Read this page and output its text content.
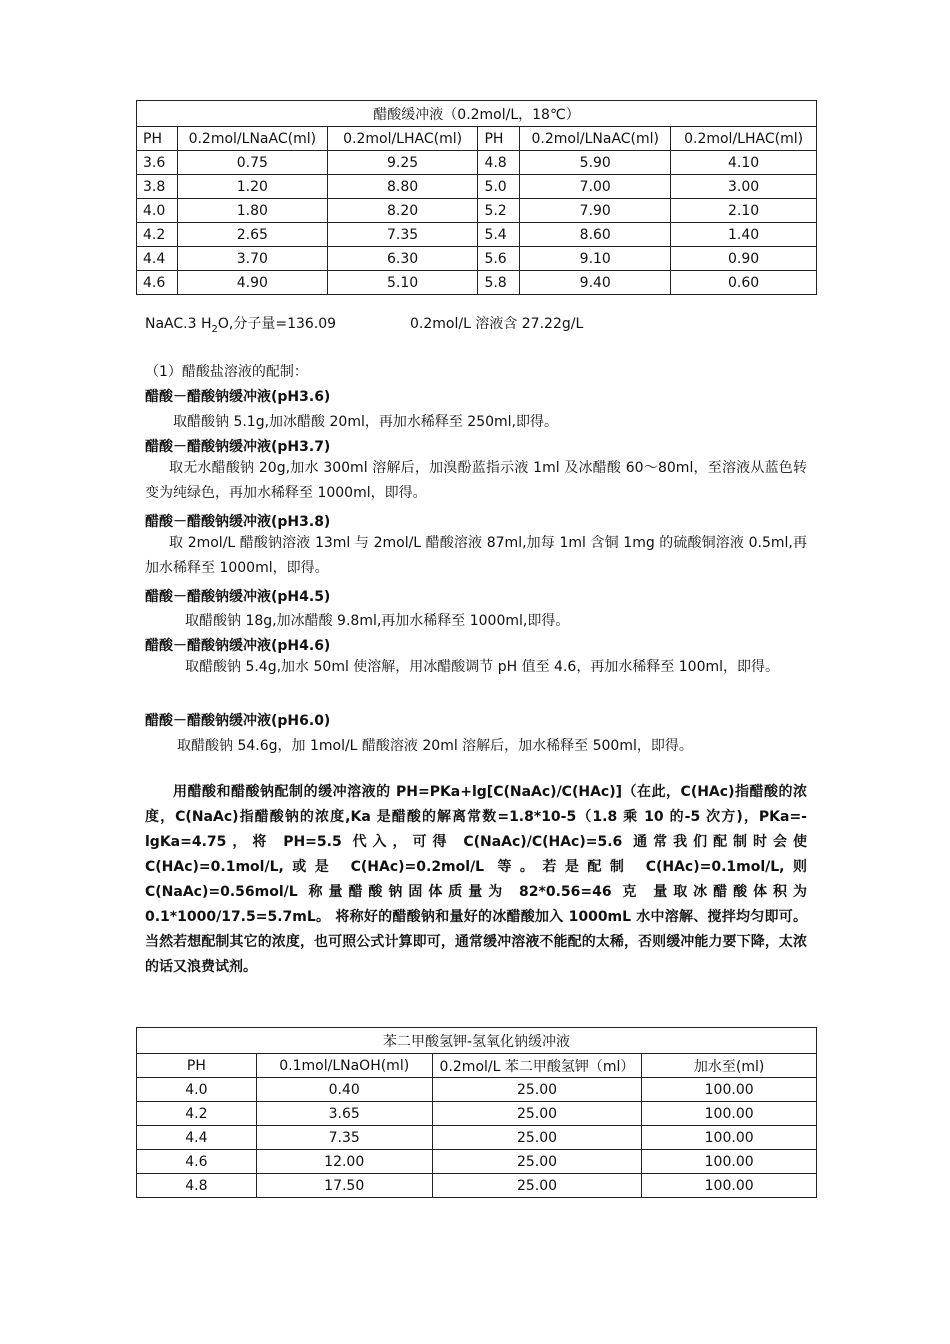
醋酸缓冲液（0.2mol/L，18℃）					
PH	0.2mol/LNaAC(ml)	0.2mol/LHAC(ml)	PH	0.2mol/LNaAC(ml)	0.2mol/LHAC(ml)
3.6	0.75	9.25	4.8	5.90	4.10
3.8	1.20	8.80	5.0	7.00	3.00
4.0	1.80	8.20	5.2	7.90	2.10
4.2	2.65	7.35	5.4	8.60	1.40
4.4	3.70	6.30	5.6	9.10	0.90
4.6	4.90	5.10	5.8	9.40	0.60
NaAC.3 $H_2O$,分子量=136.09	0.2mol/L 溶液含 27.22g/L
（1）醋酸盐溶液的配制：
醋酸－醋酸钠缓冲液(pH3.6)
取醋酸钠 5.1g,加冰醋酸 20ml，再加水稀释至 250ml,即得。
醋酸－醋酸钠缓冲液(pH3.7)

取无水醋酸钠 20g,加水 300ml 溶解后，加溴酚蓝指示液 1ml 及冰醋酸 60～80ml，至溶液从蓝色转变为纯绿色，再加水稀释至 1000ml，即得。

醋酸－醋酸钠缓冲液(pH3.8)

取 2mol/L 醋酸钠溶液 13ml 与 2mol/L 醋酸溶液 87ml,加每 1ml 含铜 1mg 的硫酸铜溶液 0.5ml,再加水稀释至 1000ml，即得。

醋酸－醋酸钠缓冲液(pH4.5)
取醋酸钠 18g,加冰醋酸 9.8ml,再加水稀释至 1000ml,即得。
醋酸－醋酸钠缓冲液(pH4.6)

取醋酸钠 5.4g,加水 50ml 使溶解，用冰醋酸调节 pH 值至 4.6，再加水稀释至 100ml，即得。

醋酸－醋酸钠缓冲液(pH6.0)
取醋酸钠 54.6g，加 1mol/L 醋酸溶液 20ml 溶解后，加水稀释至 500ml，即得。

用醋酸和醋酸钠配制的缓冲溶液的 PH=PKa+lg[C(NaAc)/C(HAc)]（在此，C(HAc)指醋酸的浓度，C(NaAc)指醋酸钠的浓度,Ka 是醋酸的解离常数=1.8*10-5（1.8 乘 10 的-5 次方)，PKa=-lgKa=4.75，将 PH=5.5 代入，可得 C(NaAc)/C(HAc)=5.6 通常我们配制时会使 C(HAc)=0.1mol/L,或是 C(HAc)=0.2mol/L 等。若是配制 C(HAc)=0.1mol/L,则 C(NaAc)=0.56mol/L 称量醋酸钠固体质量为 82*0.56=46 克 量取冰醋酸体积为 0.1*1000/17.5=5.7mL。 将称好的醋酸钠和量好的冰醋酸加入 1000mL 水中溶解、搅拌均匀即可。当然若想配制其它的浓度，也可照公式计算即可，通常缓冲溶液不能配的太稀，否则缓冲能力要下降，太浓的话又浪费试剂。

苯二甲酸氢钾-氢氧化钠缓冲液			
PH	0.1mol/LNaOH(ml)	0.2mol/L 苯二甲酸氢钾（ml）	加水至(ml)
4.0	0.40	25.00	100.00
4.2	3.65	25.00	100.00
4.4	7.35	25.00	100.00
4.6	12.00	25.00	100.00
4.8	17.50	25.00	100.00
